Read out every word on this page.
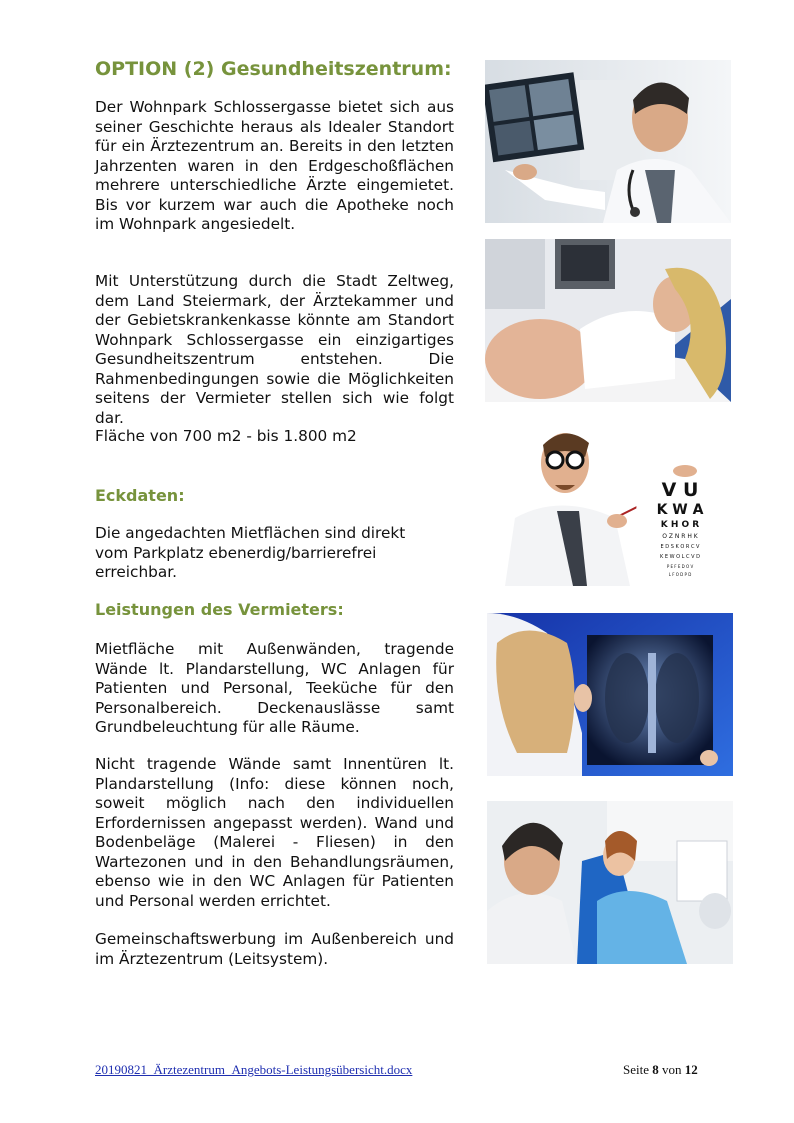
OPTION (2) Gesundheitszentrum:
Eckdaten:
Leistungen des Vermieters:
Der Wohnpark Schlossergasse bietet sich aus seiner Geschichte heraus als Idealer Standort für ein Ärztezentrum an. Bereits in den letzten Jahrzenten waren in den Erdgeschoßflächen mehrere unterschiedliche Ärzte eingemietet. Bis vor kurzem war auch die Apotheke noch im Wohnpark angesiedelt.
Mit Unterstützung durch die Stadt Zeltweg, dem Land Steiermark, der Ärztekammer und der Gebietskrankenkasse könnte am Standort Wohnpark Schlossergasse ein einzigartiges Gesundheitszentrum entstehen. Die Rahmenbedingungen sowie die Möglichkeiten seitens der Vermieter stellen sich wie folgt dar.
Fläche von 700 m2 - bis 1.800 m2
Die angedachten Mietflächen sind direkt vom Parkplatz ebenerdig/barrierefrei erreichbar.
Mietfläche mit Außenwänden, tragende Wände lt. Plandarstellung, WC Anlagen für Patienten und Personal, Teeküche für den Personalbereich. Deckenauslässe samt Grundbeleuchtung für alle Räume.
Nicht tragende Wände samt Innentüren lt. Plandarstellung (Info: diese können noch, soweit möglich nach den individuellen Erfordernissen angepasst werden). Wand und Bodenbeläge (Malerei - Fliesen) in den Wartezonen und in den Behandlungsräumen, ebenso wie in den WC Anlagen für Patienten und Personal werden errichtet.
Gemeinschaftswerbung im Außenbereich und im Ärztezentrum (Leitsystem).
V U
K W A
K H O R
O Z N R H K
E D S K O R C V
K E W O L C V D
P E F E D O V
L F O D P D
20190821_Ärztezentrum_Angebots-Leistungsübersicht.docx	Seite 8 von 12
